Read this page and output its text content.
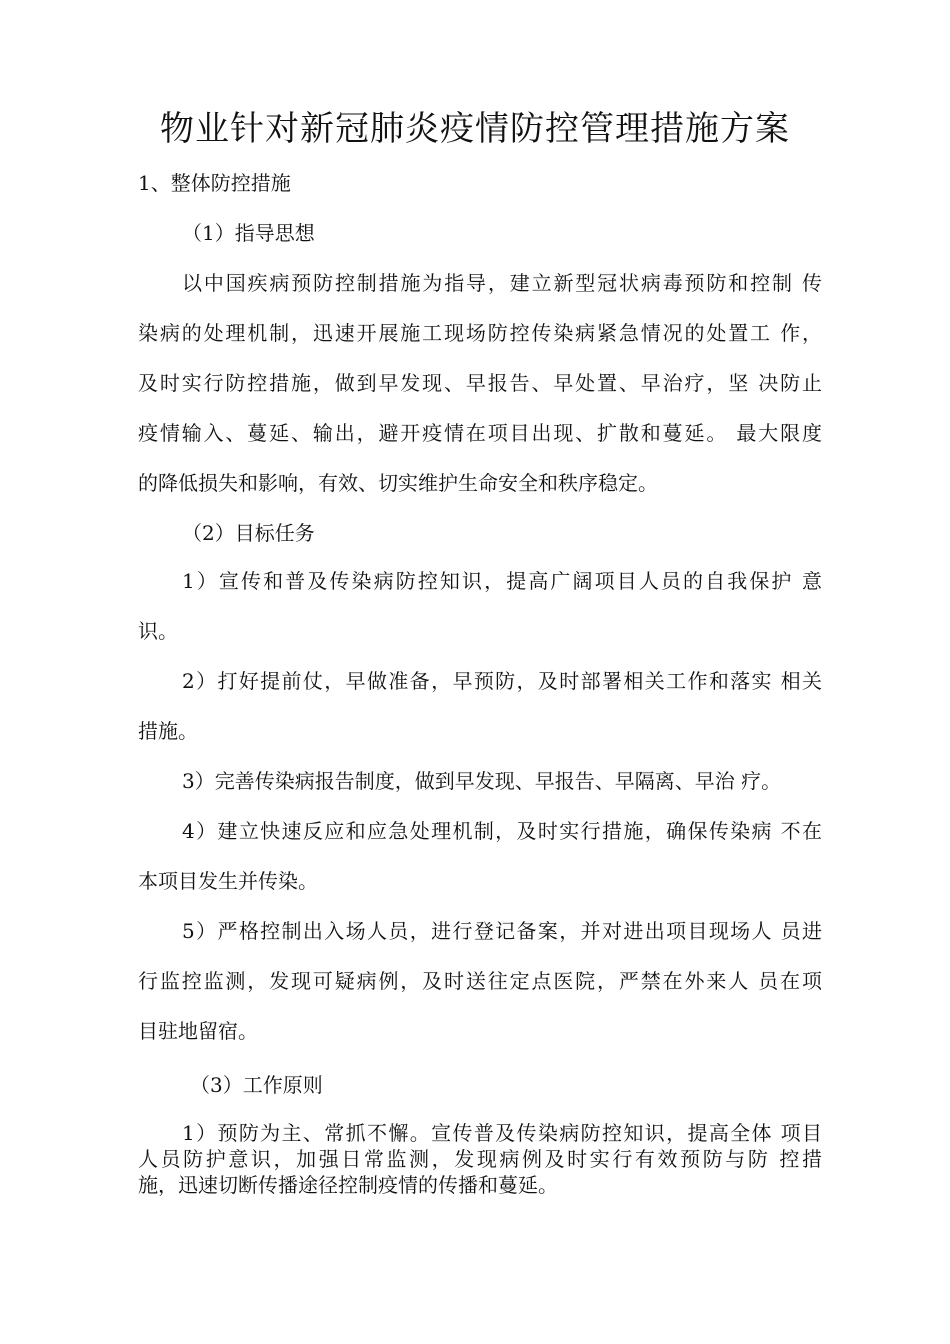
物业针对新冠肺炎疫情防控管理措施方案

1、整体防控措施

（1）指导思想

以中国疾病预防控制措施为指导，建立新型冠状病毒预防和控制 传

染病的处理机制，迅速开展施工现场防控传染病紧急情况的处置工 作，

及时实行防控措施，做到早发现、早报告、早处置、早治疗，坚 决防止

疫情输入、蔓延、输出，避开疫情在项目出现、扩散和蔓延。 最大限度

的降低损失和影响，有效、切实维护生命安全和秩序稳定。

（2）目标任务

1）宣传和普及传染病防控知识，提高广阔项目人员的自我保护 意

识。

2）打好提前仗，早做准备，早预防，及时部署相关工作和落实 相关

措施。

3）完善传染病报告制度，做到早发现、早报告、早隔离、早治 疗。

4）建立快速反应和应急处理机制，及时实行措施，确保传染病 不在

本项目发生并传染。

5）严格控制出入场人员，进行登记备案，并对进出项目现场人 员进

行监控监测，发现可疑病例，及时送往定点医院，严禁在外来人 员在项

目驻地留宿。

（3）工作原则

1）预防为主、常抓不懈。宣传普及传染病防控知识，提高全体 项目

人员防护意识，加强日常监测，发现病例及时实行有效预防与防 控措

施，迅速切断传播途径控制疫情的传播和蔓延。
